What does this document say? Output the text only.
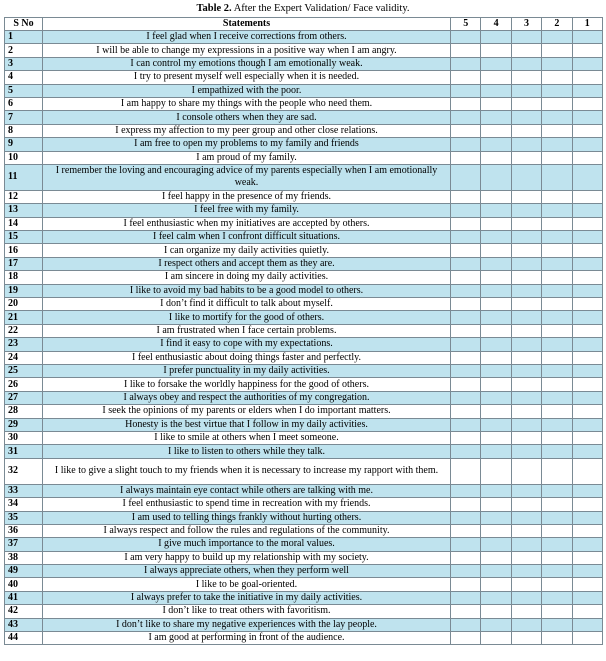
Table 2. After the Expert Validation/ Face validity.
S No	Statements	5	4	3	2	1
1	I feel glad when I receive corrections from others.					
2	I will be able to change my expressions in a positive way when I am angry.					
3	I can control my emotions though I am emotionally weak.					
4	I try to present myself well especially when it is needed.					
5	I empathized with the poor.					
6	I am happy to share my things with the people who need them.					
7	I console others when they are sad.					
8	I express my affection to my peer group and other close relations.					
9	I am free to open my problems to my family and friends					
10	I am proud of my family.					
11	I remember the loving and encouraging advice of my parents especially when I am emotionally weak.					
12	I feel happy in the presence of my friends.					
13	I feel free with my family.					
14	I feel enthusiastic when my initiatives are accepted by others.					
15	I feel calm when I confront difficult situations.					
16	I can organize my daily activities quietly.					
17	I respect others and accept them as they are.					
18	I am sincere in doing my daily activities.					
19	I like to avoid my bad habits to be a good model to others.					
20	I don’t find it difficult to talk about myself.					
21	I like to mortify for the good of others.					
22	I am frustrated when I face certain problems.					
23	I find it easy to cope with my expectations.					
24	I feel enthusiastic about doing things faster and perfectly.					
25	I prefer punctuality in my daily activities.					
26	I like to forsake the worldly happiness for the good of others.					
27	I always obey and respect the authorities of my congregation.					
28	I seek the opinions of my parents or elders when I do important matters.					
29	Honesty is the best virtue that I follow in my daily activities.					
30	I like to smile at others when I meet someone.					
31	I like to listen to others while they talk.					
32	I like to give a slight touch to my friends when it is necessary to increase my rapport with them.					
33	I always maintain eye contact while others are talking with me.					
34	I feel enthusiastic to spend time in recreation with my friends.					
35	I am used to telling things frankly without hurting others.					
36	I always respect and follow the rules and regulations of the community.					
37	I give much importance to the moral values.					
38	I am very happy to build up my relationship with my society.					
49	I always appreciate others, when they perform well					
40	I like to be goal-oriented.					
41	I always prefer to take the initiative in my daily activities.					
42	I don’t like to treat others with favoritism.					
43	I don’t like to share my negative experiences with the lay people.					
44	I am good at performing in front of the audience.					
